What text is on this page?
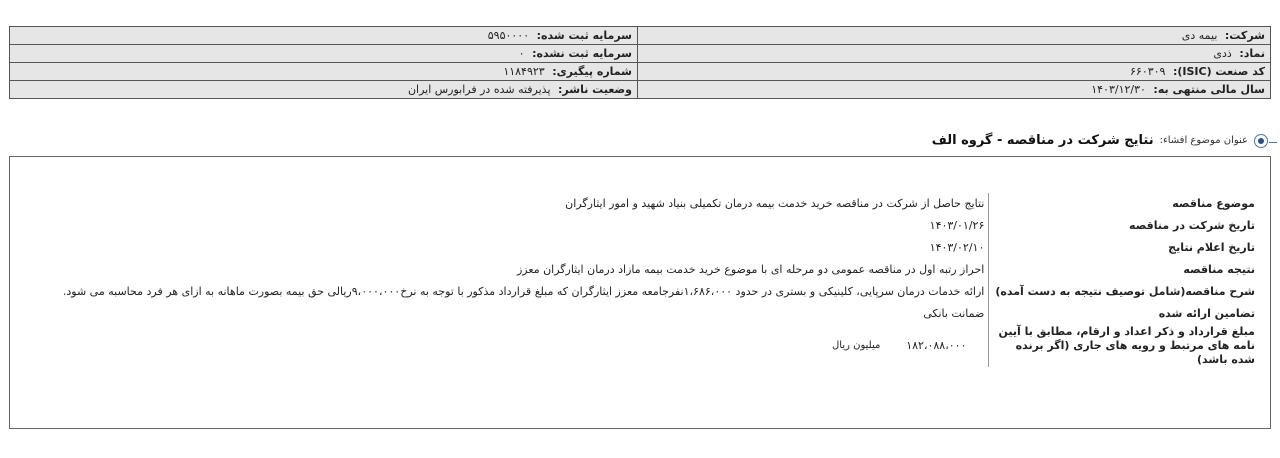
شرکت: بیمه دی	سرمایه ثبت شده: ۵۹۵۰۰۰۰
نماد: ذدی	سرمایه ثبت نشده: ۰
کد صنعت (ISIC): ۶۶۰۳۰۹	شماره پیگیری: ۱۱۸۴۹۲۳
سال مالی منتهی به: ۱۴۰۳/۱۲/۳۰	وضعیت ناشر: پذیرفته شده در فرابورس ایران
عنوان موضوع افشاء:
نتایج شرکت در مناقصه - گروه الف
موضوع مناقصه	نتایج حاصل از شرکت در مناقصه خرید خدمت بیمه درمان تکمیلی بنیاد شهید و امور ایثارگران
تاریخ شرکت در مناقصه	۱۴۰۳/۰۱/۲۶
تاریخ اعلام نتایج	۱۴۰۳/۰۲/۱۰
نتیجه مناقصه	احراز رتبه اول در مناقصه عمومی دو مرحله ای با موضوع خرید خدمت بیمه مازاد درمان ایثارگران معزز
شرح مناقصه(شامل توصیف نتیجه به دست آمده)	ارائه خدمات درمان سرپایی، کلینیکی و بستری در حدود ۱،۶۸۶،۰۰۰نفرجامعه معزز ایثارگران که مبلغ قرارداد مذکور با توجه به نرخ۹،۰۰۰،۰۰۰ریالی حق بیمه بصورت ماهانه به ازای هر فرد محاسبه می شود.
تضامین ارائه شده	ضمانت بانکی
مبلغ قرارداد و ذکر اعداد و ارقام، مطابق با آیین نامه های مرتبط و رویه های جاری (اگر برنده شده باشد)	۱۸۲،۰۸۸،۰۰۰
میلیون ریال
